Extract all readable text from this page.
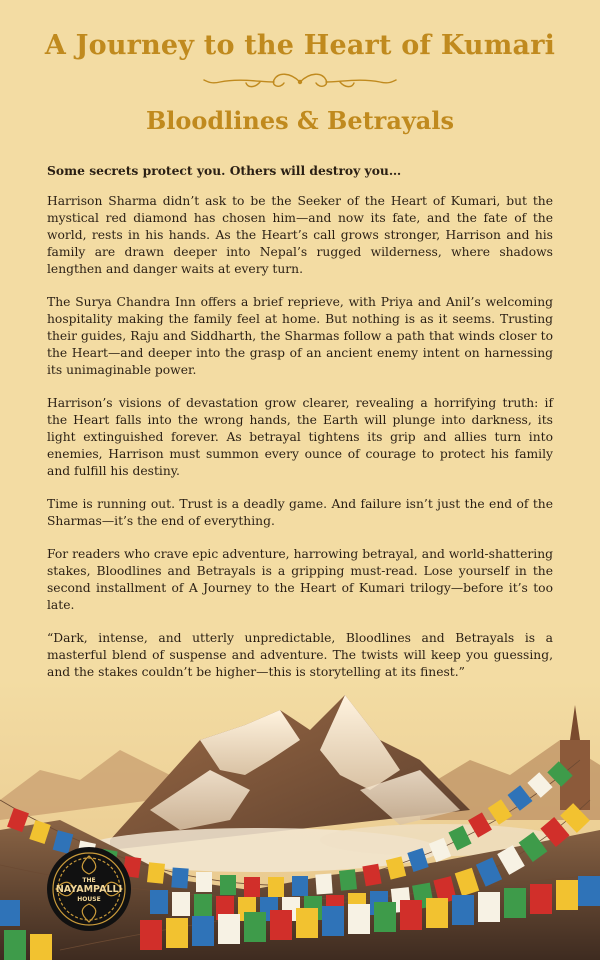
A Journey to the Heart of Kumari
Bloodlines & Betrayals

Some secrets protect you. Others will destroy you…

Harrison Sharma didn’t ask to be the Seeker of the Heart of Kumari, but the mystical red diamond has chosen him—and now its fate, and the fate of the world, rests in his hands. As the Heart’s call grows stronger, Harrison and his family are drawn deeper into Nepal’s rugged wilderness, where shadows lengthen and danger waits at every turn.

The Surya Chandra Inn offers a brief reprieve, with Priya and Anil’s welcoming hospitality making the family feel at home. But nothing is as it seems. Trusting their guides, Raju and Siddharth, the Sharmas follow a path that winds closer to the Heart—and deeper into the grasp of an ancient enemy intent on harnessing its unimaginable power.

Harrison’s visions of devastation grow clearer, revealing a horrifying truth: if the Heart falls into the wrong hands, the Earth will plunge into darkness, its light extinguished forever. As betrayal tightens its grip and allies turn into enemies, Harrison must summon every ounce of courage to protect his family and fulfill his destiny.

Time is running out. Trust is a deadly game. And failure isn’t just the end of the Sharmas—it’s the end of everything.

For readers who crave epic adventure, harrowing betrayal, and world-shattering stakes, Bloodlines and Betrayals is a gripping must-read. Lose yourself in the second installment of A Journey to the Heart of Kumari trilogy—before it’s too late.

“Dark, intense, and utterly unpredictable, Bloodlines and Betrayals is a masterful blend of suspense and adventure. The twists will keep you guessing, and the stakes couldn’t be higher—this is storytelling at its finest.”

THE
NAYAMPALLI
HOUSE
